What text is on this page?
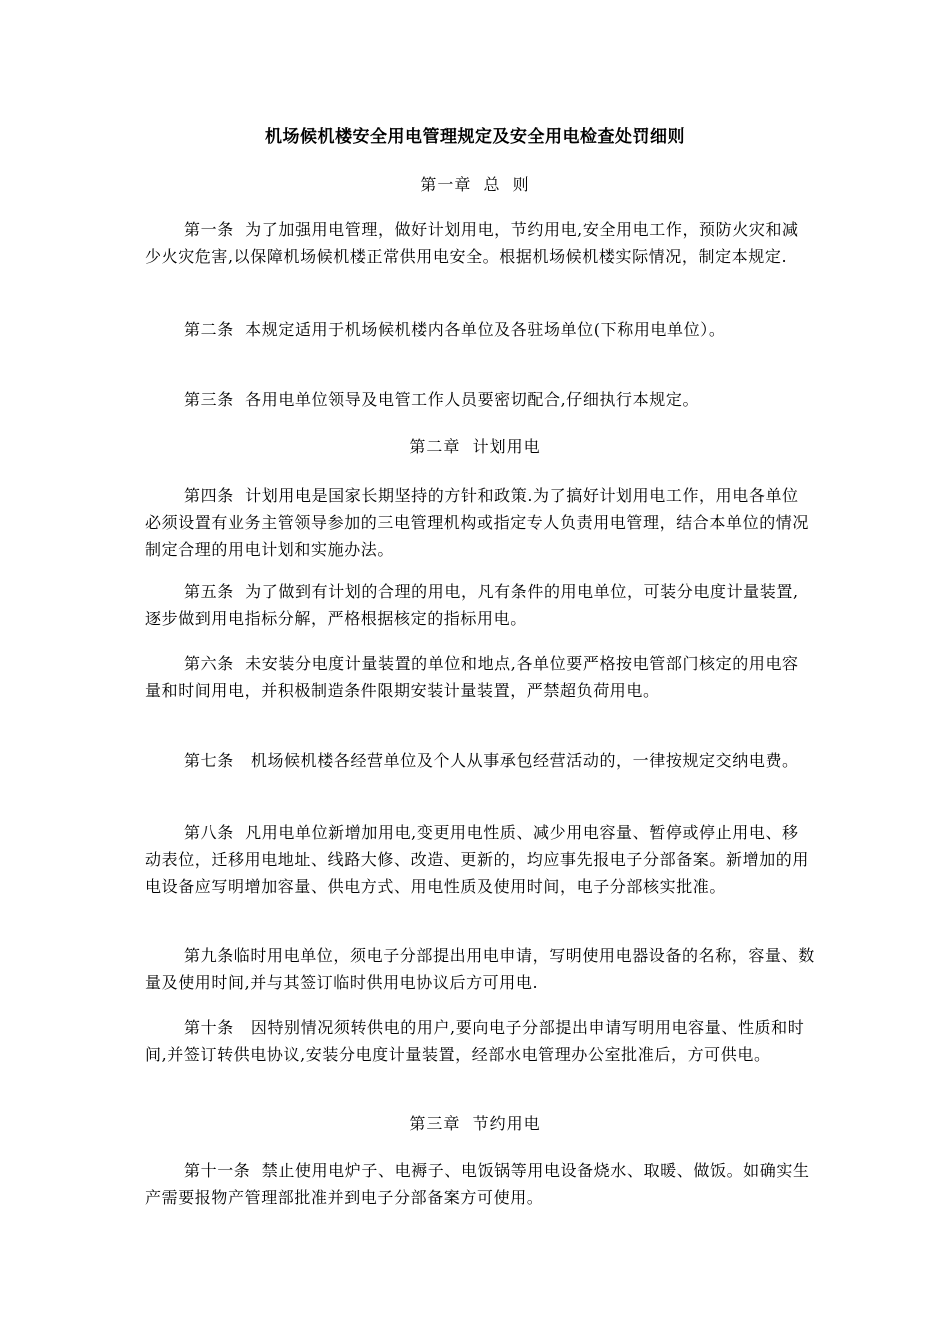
机场候机楼安全用电管理规定及安全用电检查处罚细则
第一章  总  则
第一条  为了加强用电管理，做好计划用电，节约用电,安全用电工作，预防火灾和减少火灾危害,以保障机场候机楼正常供用电安全。根据机场候机楼实际情况，制定本规定.
第二条  本规定适用于机场候机楼内各单位及各驻场单位(下称用电单位）。
第三条  各用电单位领导及电管工作人员要密切配合,仔细执行本规定。
第二章  计划用电
第四条  计划用电是国家长期坚持的方针和政策.为了搞好计划用电工作，用电各单位必须设置有业务主管领导参加的三电管理机构或指定专人负责用电管理，结合本单位的情况制定合理的用电计划和实施办法。
第五条  为了做到有计划的合理的用电，凡有条件的用电单位，可装分电度计量装置,逐步做到用电指标分解，严格根据核定的指标用电。
第六条  未安装分电度计量装置的单位和地点,各单位要严格按电管部门核定的用电容量和时间用电，并积极制造条件限期安装计量装置，严禁超负荷用电。
第七条   机场候机楼各经营单位及个人从事承包经营活动的，一律按规定交纳电费。
第八条  凡用电单位新增加用电,变更用电性质、减少用电容量、暂停或停止用电、移动表位，迁移用电地址、线路大修、改造、更新的，均应事先报电子分部备案。新增加的用电设备应写明增加容量、供电方式、用电性质及使用时间，电子分部核实批准。
第九条临时用电单位，须电子分部提出用电申请，写明使用电器设备的名称，容量、数量及使用时间,并与其签订临时供用电协议后方可用电.
第十条   因特别情况须转供电的用户,要向电子分部提出申请写明用电容量、性质和时间,并签订转供电协议,安装分电度计量装置，经部水电管理办公室批准后，方可供电。
第三章  节约用电
第十一条  禁止使用电炉子、电褥子、电饭锅等用电设备烧水、取暖、做饭。如确实生产需要报物产管理部批准并到电子分部备案方可使用。
